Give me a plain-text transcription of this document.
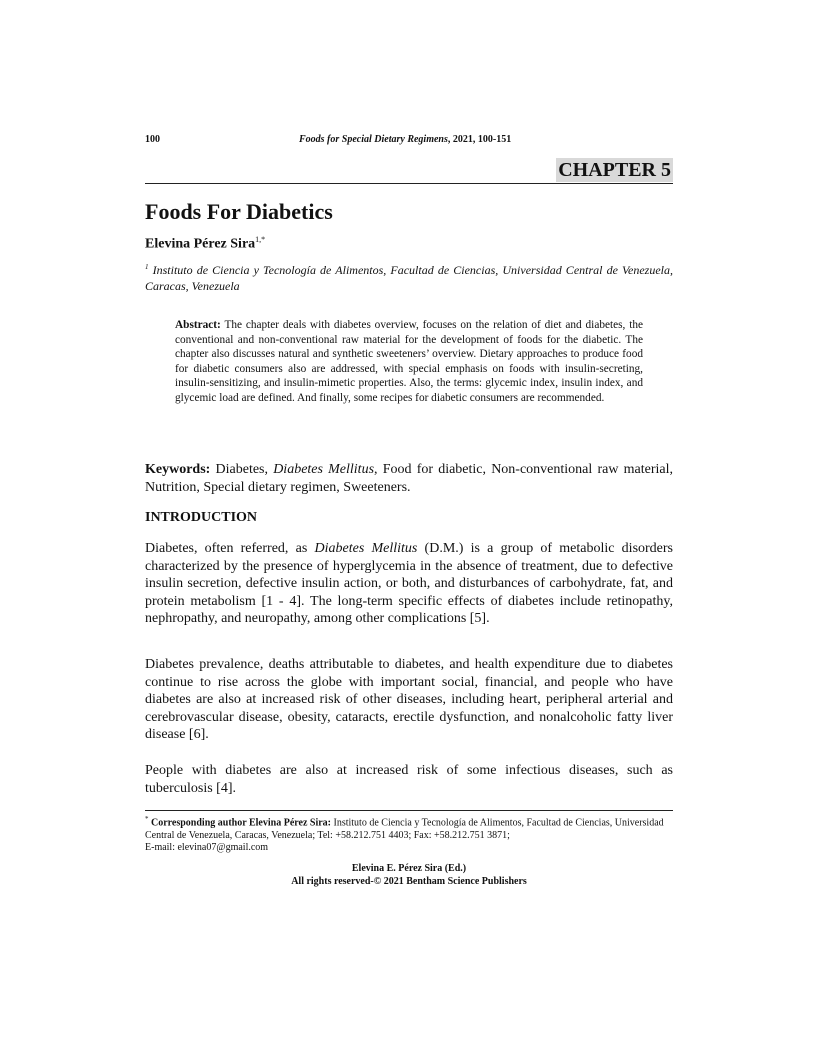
100	Foods for Special Dietary Regimens, 2021, 100-151
CHAPTER 5
Foods For Diabetics
Elevina Pérez Sira$^{1,*}$
$^1$ Instituto de Ciencia y Tecnología de Alimentos, Facultad de Ciencias, Universidad Central de Venezuela, Caracas, Venezuela
Abstract: The chapter deals with diabetes overview, focuses on the relation of diet and diabetes, the conventional and non-conventional raw material for the development of foods for the diabetic. The chapter also discusses natural and synthetic sweeteners’ overview. Dietary approaches to produce food for diabetic consumers also are addressed, with special emphasis on foods with insulin-secreting, insulin-sensitizing, and insulin-mimetic properties. Also, the terms: glycemic index, insulin index, and glycemic load are defined. And finally, some recipes for diabetic consumers are recommended.
Keywords: Diabetes, Diabetes Mellitus, Food for diabetic, Non-conventional raw material, Nutrition, Special dietary regimen, Sweeteners.
INTRODUCTION

Diabetes, often referred, as Diabetes Mellitus (D.M.) is a group of metabolic disorders characterized by the presence of hyperglycemia in the absence of treatment, due to defective insulin secretion, defective insulin action, or both, and disturbances of carbohydrate, fat, and protein metabolism [1 - 4]. The long-term specific effects of diabetes include retinopathy, nephropathy, and neuropathy, among other complications [5].

Diabetes prevalence, deaths attributable to diabetes, and health expenditure due to diabetes continue to rise across the globe with important social, financial, and people who have diabetes are also at increased risk of other diseases, including heart, peripheral arterial and cerebrovascular disease, obesity, cataracts, erectile dysfunction, and nonalcoholic fatty liver disease [6].

People with diabetes are also at increased risk of some infectious diseases, such as tuberculosis [4].

* Corresponding author Elevina Pérez Sira: Instituto de Ciencia y Tecnología de Alimentos, Facultad de Ciencias, Universidad Central de Venezuela, Caracas, Venezuela; Tel: +58.212.751 4403; Fax: +58.212.751 3871;
E-mail: elevina07@gmail.com
Elevina E. Pérez Sira (Ed.)
All rights reserved-© 2021 Bentham Science Publishers
